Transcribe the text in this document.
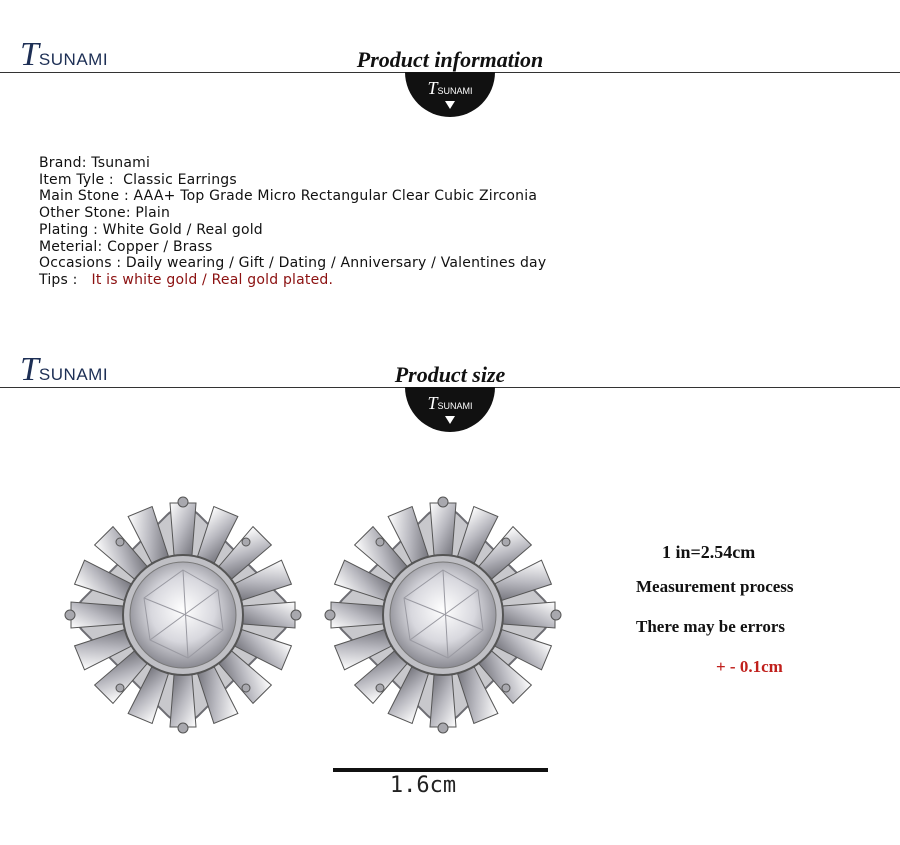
TSUNAMI	Product information
TSUNAMI
Brand: Tsunami
Item Tyle :  Classic Earrings
Main Stone : AAA+ Top Grade Micro Rectangular Clear Cubic Zirconia
Other Stone: Plain
Plating : White Gold / Real gold
Meterial: Copper / Brass
Occasions : Daily wearing / Gift / Dating / Anniversary / Valentines day
Tips :   It is white gold / Real gold plated.
TSUNAMI	Product size
TSUNAMI
1.6cm
1 in=2.54cm
Measurement process
There may be errors
+ - 0.1cm
